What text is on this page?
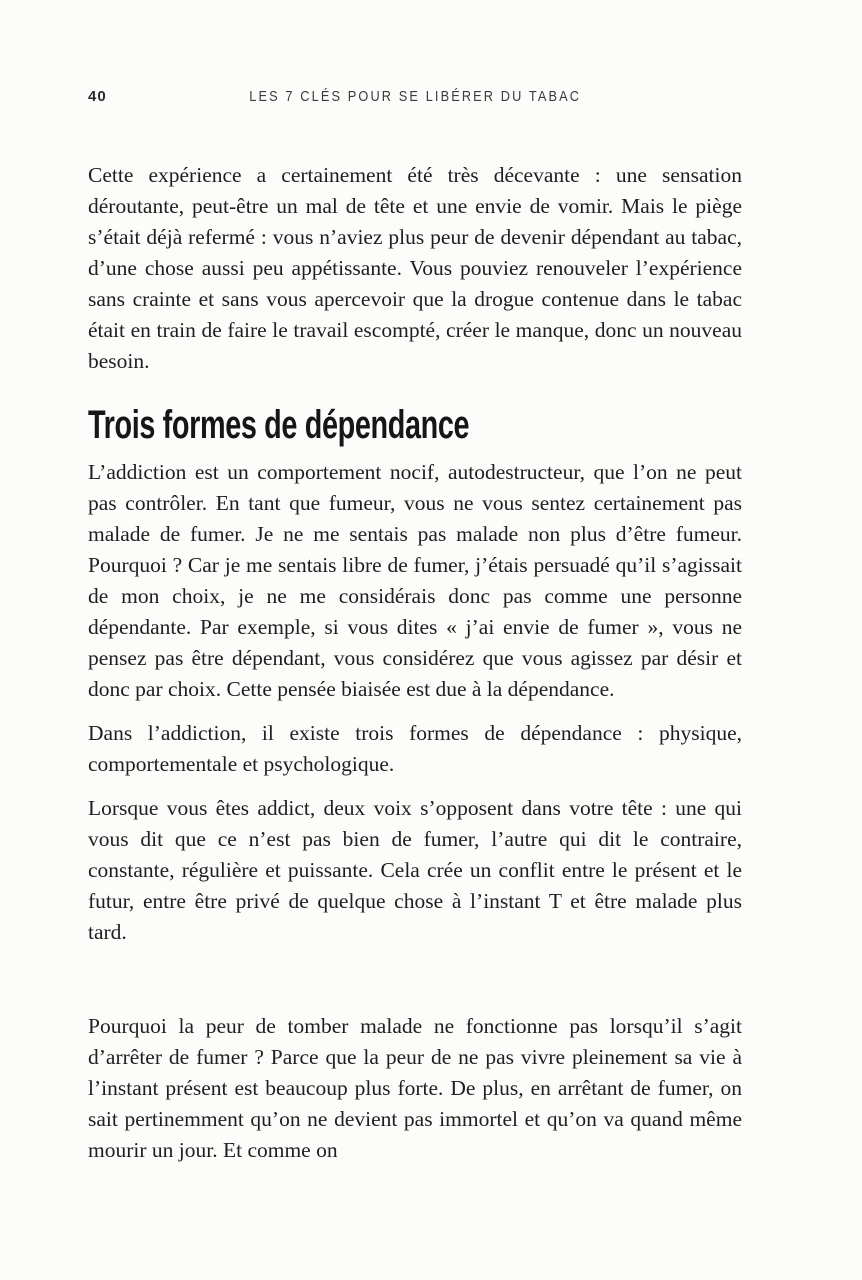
40	LES 7 CLÉS POUR SE LIBÉRER DU TABAC

Cette expérience a certainement été très décevante : une sensation déroutante, peut-être un mal de tête et une envie de vomir. Mais le piège s’était déjà refermé : vous n’aviez plus peur de devenir dépendant au tabac, d’une chose aussi peu appétissante. Vous pouviez renouveler l’expérience sans crainte et sans vous apercevoir que la drogue contenue dans le tabac était en train de faire le travail escompté, créer le manque, donc un nouveau besoin.

Trois formes de dépendance

L’addiction est un comportement nocif, autodestructeur, que l’on ne peut pas contrôler. En tant que fumeur, vous ne vous sentez certainement pas malade de fumer. Je ne me sentais pas malade non plus d’être fumeur. Pourquoi ? Car je me sentais libre de fumer, j’étais persuadé qu’il s’agissait de mon choix, je ne me considérais donc pas comme une personne dépendante. Par exemple, si vous dites « j’ai envie de fumer », vous ne pensez pas être dépendant, vous considérez que vous agissez par désir et donc par choix. Cette pensée biaisée est due à la dépendance.

Dans l’addiction, il existe trois formes de dépendance : physique, comportementale et psychologique.

Lorsque vous êtes addict, deux voix s’opposent dans votre tête : une qui vous dit que ce n’est pas bien de fumer, l’autre qui dit le contraire, constante, régulière et puissante. Cela crée un conflit entre le présent et le futur, entre être privé de quelque chose à l’instant T et être malade plus tard.

Pourquoi la peur de tomber malade ne fonctionne pas lorsqu’il s’agit d’arrêter de fumer ? Parce que la peur de ne pas vivre pleinement sa vie à l’instant présent est beaucoup plus forte. De plus, en arrêtant de fumer, on sait pertinemment qu’on ne devient pas immortel et qu’on va quand même mourir un jour. Et comme on
